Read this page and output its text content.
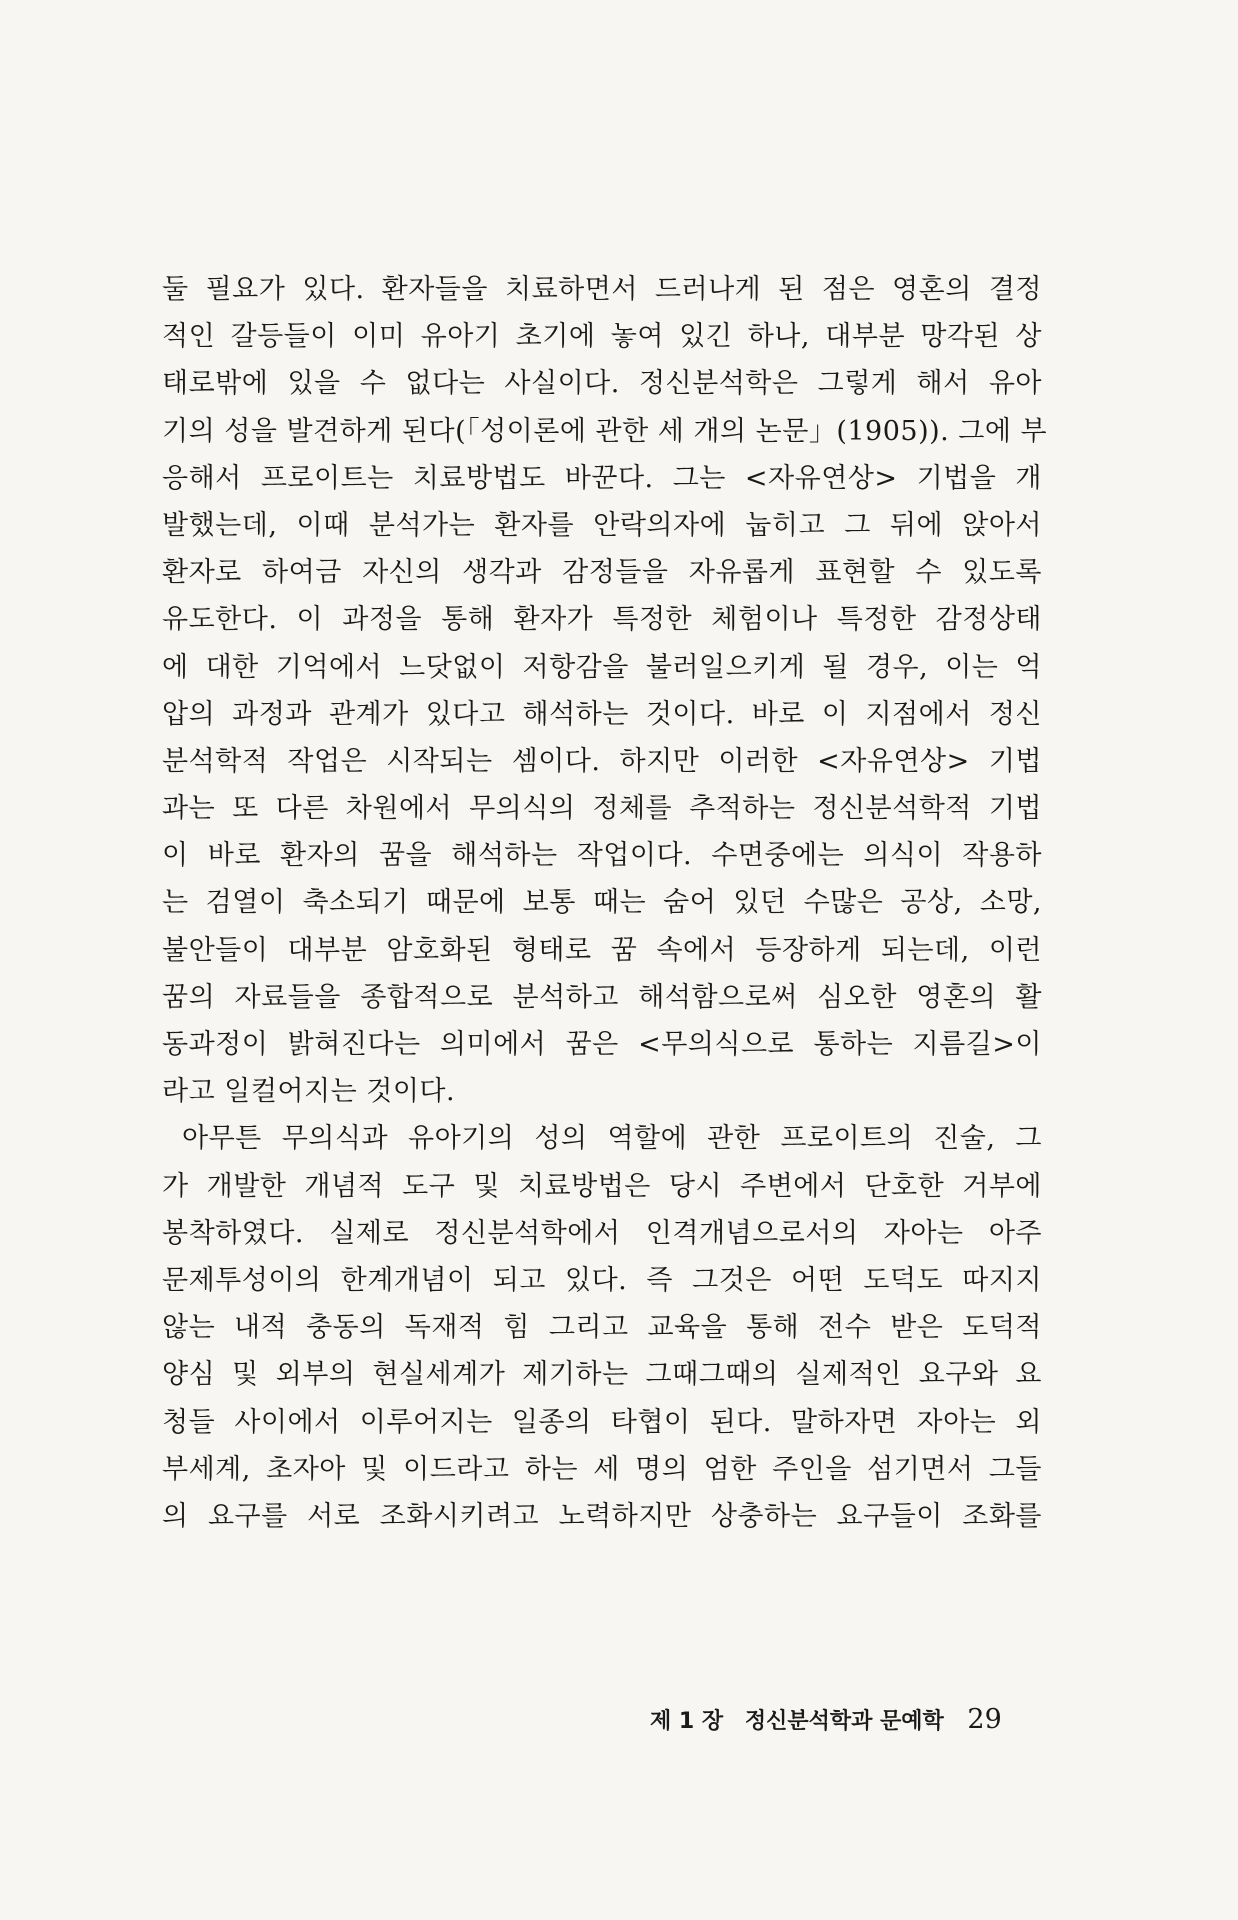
둘 필요가 있다. 환자들을 치료하면서 드러나게 된 점은 영혼의 결정
적인 갈등들이 이미 유아기 초기에 놓여 있긴 하나, 대부분 망각된 상
태로밖에 있을 수 없다는 사실이다. 정신분석학은 그렇게 해서 유아
기의 성을 발견하게 된다(「성이론에 관한 세 개의 논문」(1905)). 그에 부
응해서 프로이트는 치료방법도 바꾼다. 그는 <자유연상> 기법을 개
발했는데, 이때 분석가는 환자를 안락의자에 눕히고 그 뒤에 앉아서
환자로 하여금 자신의 생각과 감정들을 자유롭게 표현할 수 있도록
유도한다. 이 과정을 통해 환자가 특정한 체험이나 특정한 감정상태
에 대한 기억에서 느닷없이 저항감을 불러일으키게 될 경우, 이는 억
압의 과정과 관계가 있다고 해석하는 것이다. 바로 이 지점에서 정신
분석학적 작업은 시작되는 셈이다. 하지만 이러한 <자유연상> 기법
과는 또 다른 차원에서 무의식의 정체를 추적하는 정신분석학적 기법
이 바로 환자의 꿈을 해석하는 작업이다. 수면중에는 의식이 작용하
는 검열이 축소되기 때문에 보통 때는 숨어 있던 수많은 공상, 소망,
불안들이 대부분 암호화된 형태로 꿈 속에서 등장하게 되는데, 이런
꿈의 자료들을 종합적으로 분석하고 해석함으로써 심오한 영혼의 활
동과정이 밝혀진다는 의미에서 꿈은 <무의식으로 통하는 지름길>이
라고 일컬어지는 것이다.
아무튼 무의식과 유아기의 성의 역할에 관한 프로이트의 진술, 그
가 개발한 개념적 도구 및 치료방법은 당시 주변에서 단호한 거부에
봉착하였다. 실제로 정신분석학에서 인격개념으로서의 자아는 아주
문제투성이의 한계개념이 되고 있다. 즉 그것은 어떤 도덕도 따지지
않는 내적 충동의 독재적 힘 그리고 교육을 통해 전수 받은 도덕적
양심 및 외부의 현실세계가 제기하는 그때그때의 실제적인 요구와 요
청들 사이에서 이루어지는 일종의 타협이 된다. 말하자면 자아는 외
부세계, 초자아 및 이드라고 하는 세 명의 엄한 주인을 섬기면서 그들
의 요구를 서로 조화시키려고 노력하지만 상충하는 요구들이 조화를
제 1 장 정신분석학과 문예학 29
